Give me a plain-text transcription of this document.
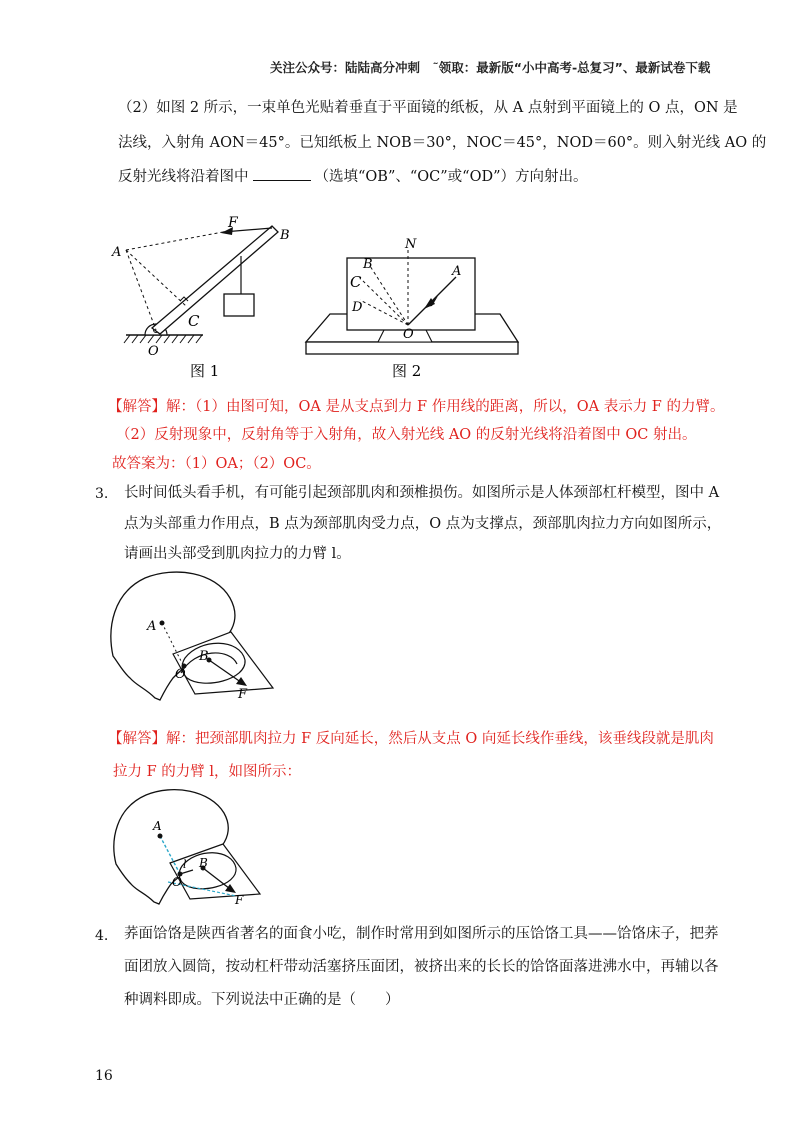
关注公众号：陆陆高分冲刺　˜领取：最新版“小中高考-总复习”、最新试卷下载
（2）如图 2 所示，一束单色光贴着垂直于平面镜的纸板，从 A 点射到平面镜上的 O 点，ON 是
法线，入射角 AON＝45°。已知纸板上 NOB＝30°，NOC＝45°，NOD＝60°。则入射光线 AO 的
反射光线将沿着图中	（选填“OB”、“OC”或“OD”）方向射出。
F
B
A
C
O
图 1
N
B	A
C
D
O
图 2
【解答】解：（1）由图可知，OA 是从支点到力 F 作用线的距离，所以，OA 表示力 F 的力臂。
（2）反射现象中，反射角等于入射角，故入射光线 AO 的反射光线将沿着图中 OC 射出。
故答案为：（1）OA；（2）OC。
3. 长时间低头看手机，有可能引起颈部肌肉和颈椎损伤。如图所示是人体颈部杠杆模型，图中 A
点为头部重力作用点，B 点为颈部肌肉受力点，O 点为支撑点，颈部肌肉拉力方向如图所示，
请画出头部受到肌肉拉力的力臂 l。
A
B
O
F
【解答】解：把颈部肌肉拉力 F 反向延长，然后从支点 O 向延长线作垂线，该垂线段就是肌肉
拉力 F 的力臂 l，如图所示：
A
l B
O
F
4. 荞面饸饹是陕西省著名的面食小吃，制作时常用到如图所示的压饸饹工具——饸饹床子，把荞
面团放入圆筒，按动杠杆带动活塞挤压面团，被挤出来的长长的饸饹面落进沸水中，再辅以各
种调料即成。下列说法中正确的是（　　）
16
